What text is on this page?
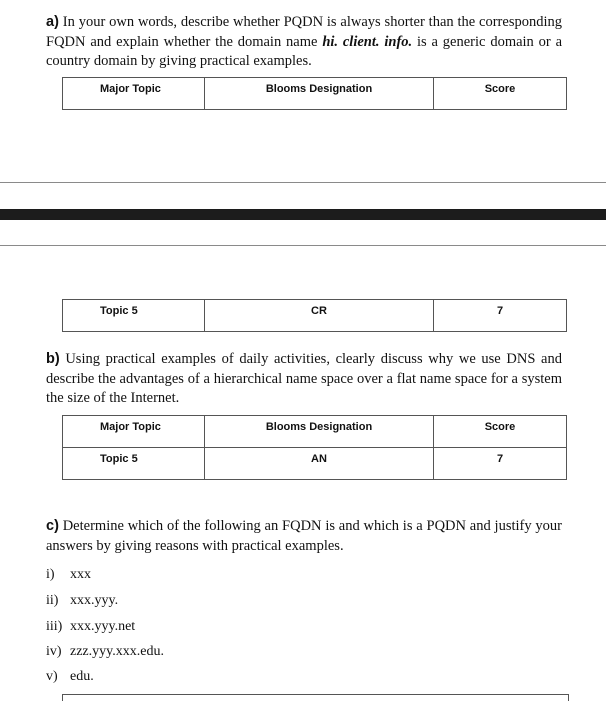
a) In your own words, describe whether PQDN is always shorter than the corresponding FQDN and explain whether the domain name hi. client. info. is a generic domain or a country domain by giving practical examples.
Major Topic	Blooms Designation	Score
Topic 5	CR	7
b) Using practical examples of daily activities, clearly discuss why we use DNS and describe the advantages of a hierarchical name space over a flat name space for a system the size of the Internet.
Major Topic	Blooms Designation	Score

Topic 5	AN	7
c) Determine which of the following an FQDN is and which is a PQDN and justify your answers by giving reasons with practical examples.
i) xxx
ii) xxx.yyy.
iii) xxx.yyy.net
iv) zzz.yyy.xxx.edu.
v) edu.
